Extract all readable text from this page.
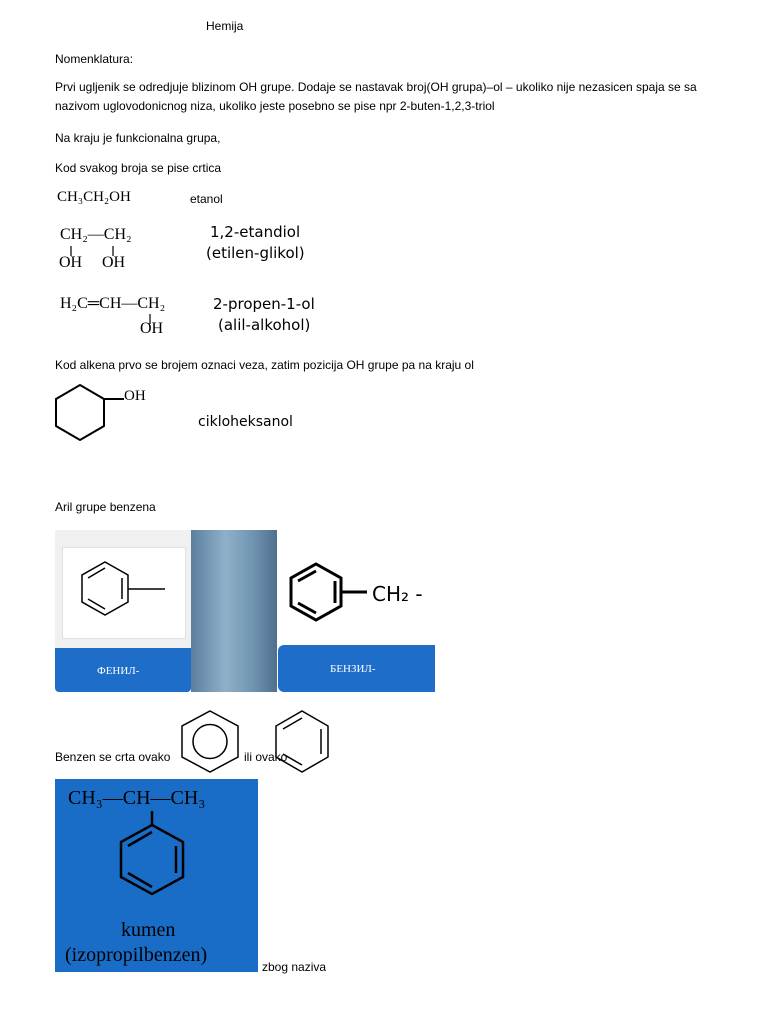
Hemija
Nomenklatura:
Prvi ugljenik se odredjuje blizinom OH grupe. Dodaje se nastavak broj(OH grupa)–ol – ukoliko nije nezasicen spaja se sa nazivom uglovodonicnog niza, ukoliko jeste posebno se pise npr 2-buten-1,2,3-triol
Na kraju je funkcionalna grupa,
Kod svakog broja se pise crtica
CH₃CH₂OH	etanol
CH₂—CH₂
OH OH
1,2-etandiol
(etilen-glikol)
H₂C═CH—CH₂
OH
2-propen-1-ol
(alil-alkohol)
Kod alkena prvo se brojem oznaci veza, zatim pozicija OH grupe pa na kraju ol
OH
cikloheksanol
Aril grupe benzena
ФЕНИЛ-	БЕНЗИЛ-
CH₂ -
Benzen se crta ovako	ili ovako
CH₃—CH—CH₃
kumen
(izopropilbenzen)
zbog naziva
